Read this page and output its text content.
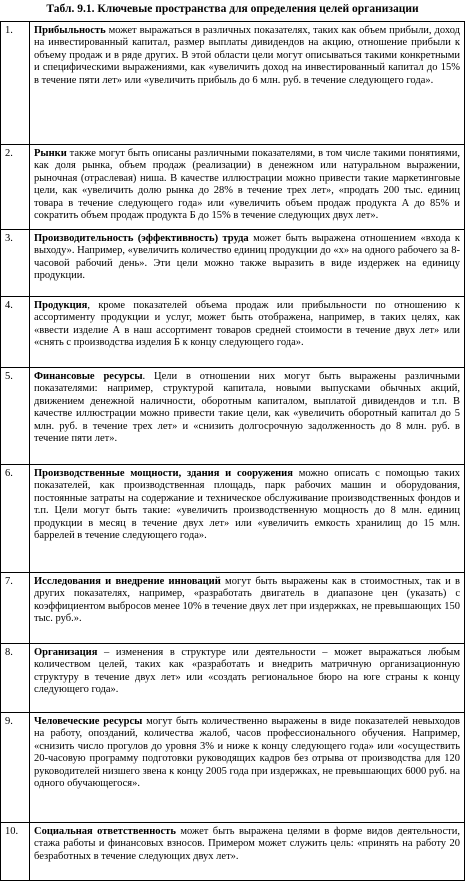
Табл. 9.1. Ключевые пространства для определения целей организации
1.	Прибыльность может выражаться в различных показателях, таких как объем прибыли, доход на инвестированный капитал, размер выплаты дивидендов на акцию, отношение прибыли к объему продаж и в ряде других. В этой области цели могут описываться такими конкретными и специфическими выражениями, как «увеличить доход на инвестированный капитал до 15% в течение пяти лет» или «увеличить прибыль до 6 млн. руб. в течение следующего года».
2.	Рынки также могут быть описаны различными показателями, в том числе такими понятиями, как доля рынка, объем продаж (реализации) в денежном или натуральном выражении, рыночная (отраслевая) ниша. В качестве иллюстрации можно привести такие маркетинговые цели, как «увеличить долю рынка до 28% в течение трех лет», «продать 200 тыс. единиц товара в течение следующего года» или «увеличить объем продаж продукта А до 85% и сократить объем продаж продукта Б до 15% в течение следующих двух лет».
3.	Производительность (эффективность) труда может быть выражена отношением «входа к выходу». Например, «увеличить количество единиц продукции до «x» на одного рабочего за 8-часовой рабочий день». Эти цели можно также выразить в виде издержек на единицу продукции.
4.	Продукция, кроме показателей объема продаж или прибыльности по отношению к ассортименту продукции и услуг, может быть отображена, например, в таких целях, как «ввести изделие А в наш ассортимент товаров средней стоимости в течение двух лет» или «снять с производства изделия Б к концу следующего года».
5.	Финансовые ресурсы. Цели в отношении них могут быть выражены различными показателями: например, структурой капитала, новыми выпусками обычных акций, движением денежной наличности, оборотным капиталом, выплатой дивидендов и т.п. В качестве иллюстрации можно привести такие цели, как «увеличить оборотный капитал до 5 млн. руб. в течение трех лет» и «снизить долгосрочную задолженность до 8 млн. руб. в течение пяти лет».
6.	Производственные мощности, здания и сооружения можно описать с помощью таких показателей, как производственная площадь, парк рабочих машин и оборудования, постоянные затраты на содержание и техническое обслуживание производственных фондов и т.п. Цели могут быть такие: «увеличить производственную мощность до 8 млн. единиц продукции в месяц в течение двух лет» или «увеличить емкость хранилищ до 15 млн. баррелей в течение следующего года».
7.	Исследования и внедрение инноваций могут быть выражены как в стоимостных, так и в других показателях, например, «разработать двигатель в диапазоне цен (указать) с коэффициентом выбросов менее 10% в течение двух лет при издержках, не превышающих 150 тыс. руб.».
8.	Организация – изменения в структуре или деятельности – может выражаться любым количеством целей, таких как «разработать и внедрить матричную организационную структуру в течение двух лет» или «создать региональное бюро на юге страны к концу следующего года».
9.	Человеческие ресурсы могут быть количественно выражены в виде показателей невыходов на работу, опозданий, количества жалоб, часов профессионального обучения. Например, «снизить число прогулов до уровня 3% и ниже к концу следующего года» или «осуществить 20-часовую программу подготовки руководящих кадров без отрыва от производства для 120 руководителей низшего звена к концу 2005 года при издержках, не превышающих 6000 руб. на одного обучающегося».
10.	Социальная ответственность может быть выражена целями в форме видов деятельности, стажа работы и финансовых взносов. Примером может служить цель: «принять на работу 20 безработных в течение следующих двух лет».
